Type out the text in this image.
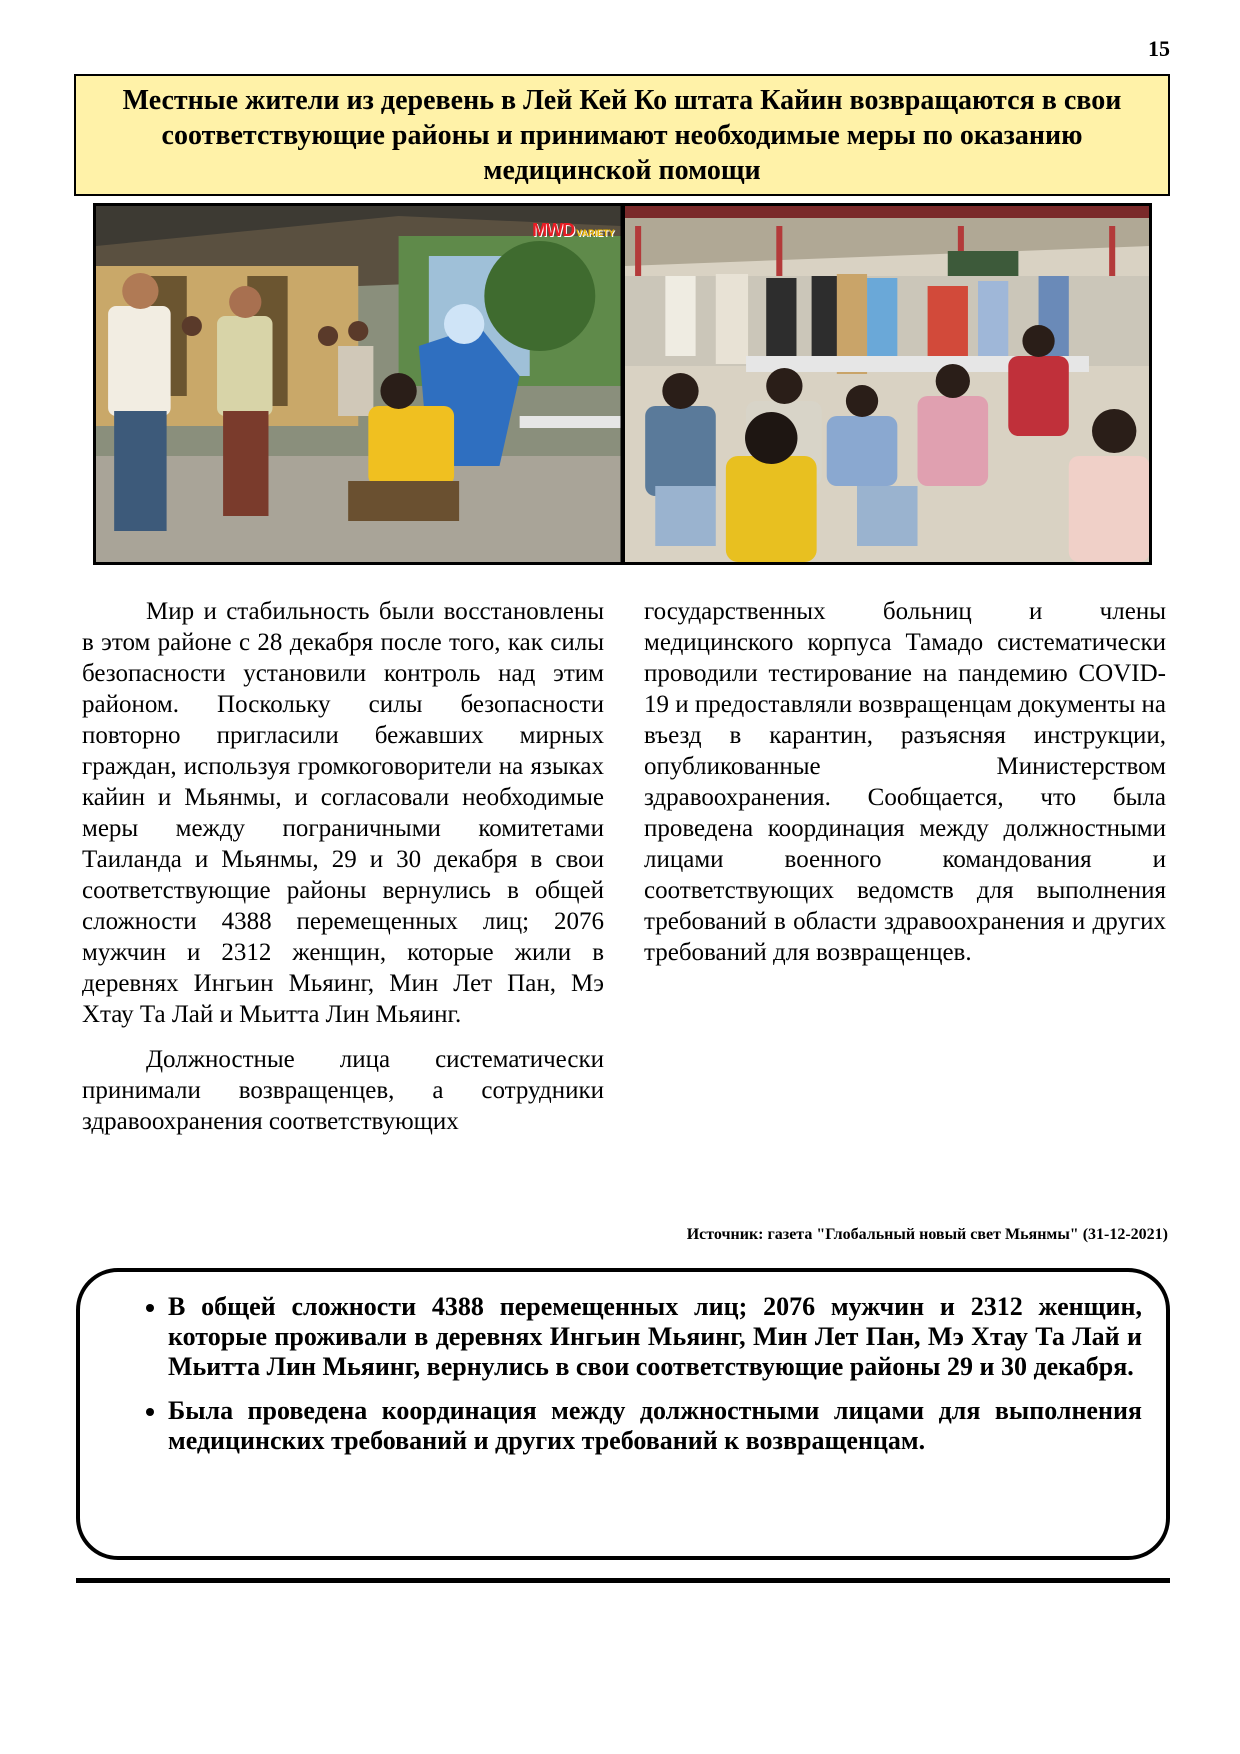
15
Местные жители из деревень в Лей Кей Ко штата Кайин возвращаются в свои соответствующие районы и принимают необходимые меры по оказанию медицинской помощи
MWD VARIETY

Мир и стабильность были восстановлены в этом районе с 28 декабря после того, как силы безопасности установили контроль над этим районом. Поскольку силы безопасности повторно пригласили бежавших мирных граждан, используя громкоговорители на языках кайин и Мьянмы, и согласовали необходимые меры между пограничными комитетами Таиланда и Мьянмы, 29 и 30 декабря в свои соответствующие районы вернулись в общей сложности 4388 перемещенных лиц; 2076 мужчин и 2312 женщин, которые жили в деревнях Ингьин Мьяинг, Мин Лет Пан, Мэ Хтау Та Лай и Мьитта Лин Мьяинг.

Должностные лица систематически принимали возвращенцев, а сотрудники здравоохранения соответствующих

государственных больниц и члены медицинского корпуса Тамадо систематически проводили тестирование на пандемию COVID-19 и предоставляли возвращенцам документы на въезд в карантин, разъясняя инструкции, опубликованные Министерством здравоохранения. Сообщается, что была проведена координация между должностными лицами военного командования и соответствующих ведомств для выполнения требований в области здравоохранения и других требований для возвращенцев.

Источник: газета "Глобальный новый свет Мьянмы" (31-12-2021)
• В общей сложности 4388 перемещенных лиц; 2076 мужчин и 2312 женщин, которые проживали в деревнях Ингьин Мьяинг, Мин Лет Пан, Мэ Хтау Та Лай и Мьитта Лин Мьяинг, вернулись в свои соответствующие районы 29 и 30 декабря.
• Была проведена координация между должностными лицами для выполнения медицинских требований и других требований к возвращенцам.
